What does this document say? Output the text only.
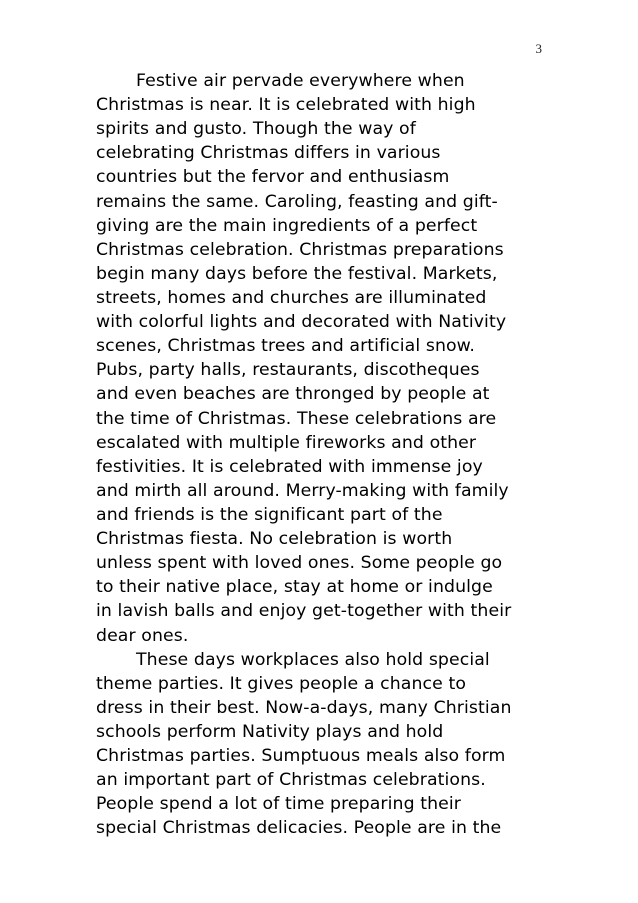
3
Festive air pervade everywhere when
Christmas is near. It is celebrated with high
spirits and gusto. Though the way of
celebrating Christmas differs in various
countries but the fervor and enthusiasm
remains the same. Caroling, feasting and gift-
giving are the main ingredients of a perfect
Christmas celebration. Christmas preparations
begin many days before the festival. Markets,
streets, homes and churches are illuminated
with colorful lights and decorated with Nativity
scenes, Christmas trees and artificial snow.
Pubs, party halls, restaurants, discotheques
and even beaches are thronged by people at
the time of Christmas. These celebrations are
escalated with multiple fireworks and other
festivities. It is celebrated with immense joy
and mirth all around. Merry-making with family
and friends is the significant part of the
Christmas fiesta. No celebration is worth
unless spent with loved ones. Some people go
to their native place, stay at home or indulge
in lavish balls and enjoy get-together with their
dear ones.
These days workplaces also hold special
theme parties. It gives people a chance to
dress in their best. Now-a-days, many Christian
schools perform Nativity plays and hold
Christmas parties. Sumptuous meals also form
an important part of Christmas celebrations.
People spend a lot of time preparing their
special Christmas delicacies. People are in the
